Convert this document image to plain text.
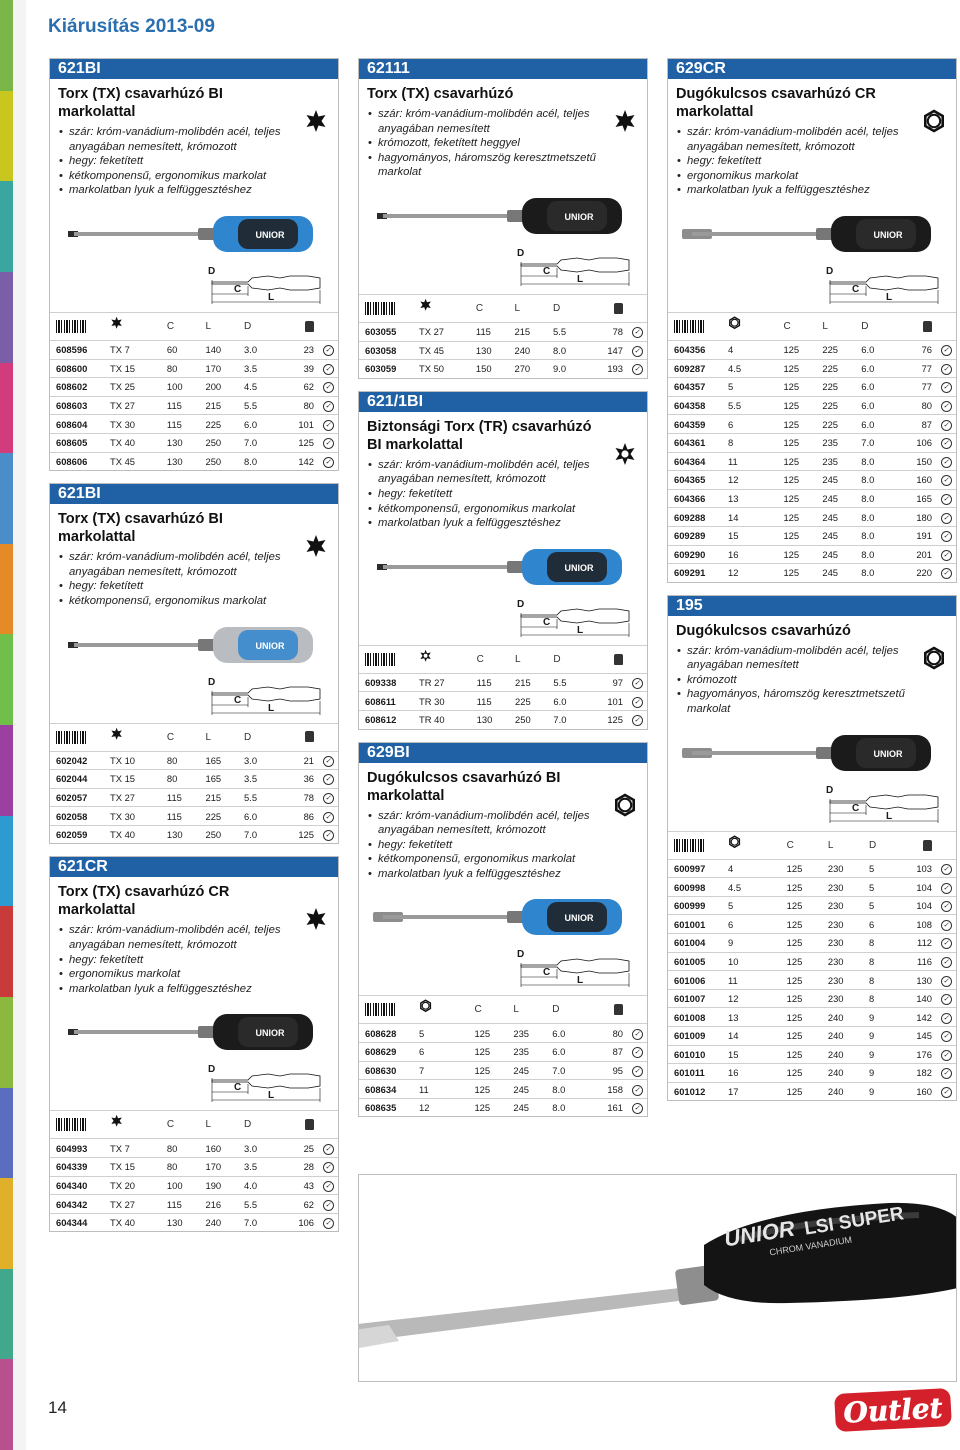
Kiárusítás 2013-09
621BI
Torx (TX) csavarhúzó BI markolattal
• szár: króm-vanádium-molibdén acél, teljes anyagában nemesített, krómozott
• hegy: feketített
• kétkomponensű, ergonomikus markolat
• markolatban lyuk a felfüggesztéshez
UNIOR
D
C
L
		C	L	D		
608596	TX 7	60	140	3.0	23	✓
608600	TX 15	80	170	3.5	39	✓
608602	TX 25	100	200	4.5	62	✓
608603	TX 27	115	215	5.5	80	✓
608604	TX 30	115	225	6.0	101	✓
608605	TX 40	130	250	7.0	125	✓
608606	TX 45	130	250	8.0	142	✓
621BI
Torx (TX) csavarhúzó BI markolattal
• szár: króm-vanádium-molibdén acél, teljes anyagában nemesített, krómozott
• hegy: feketített
• kétkomponensű, ergonomikus markolat
UNIOR
D
C
L
		C	L	D		
602042	TX 10	80	165	3.0	21	✓
602044	TX 15	80	165	3.5	36	✓
602057	TX 27	115	215	5.5	78	✓
602058	TX 30	115	225	6.0	86	✓
602059	TX 40	130	250	7.0	125	✓
621CR
Torx (TX) csavarhúzó CR markolattal
• szár: króm-vanádium-molibdén acél, teljes anyagában nemesített, krómozott
• hegy: feketített
• ergonomikus markolat
• markolatban lyuk a felfüggesztéshez
UNIOR
D
C
L
		C	L	D		
604993	TX 7	80	160	3.0	25	✓
604339	TX 15	80	170	3.5	28	✓
604340	TX 20	100	190	4.0	43	✓
604342	TX 27	115	216	5.5	62	✓
604344	TX 40	130	240	7.0	106	✓
62111
Torx (TX) csavarhúzó
• szár: króm-vanádium-molibdén acél, teljes anyagában nemesített
• krómozott, feketített heggyel
• hagyományos, háromszög keresztmetszetű markolat
UNIOR
D
C
L
		C	L	D		
603055	TX 27	115	215	5.5	78	✓
603058	TX 45	130	240	8.0	147	✓
603059	TX 50	150	270	9.0	193	✓
621/1BI
Biztonsági Torx (TR) csavarhúzó BI markolattal
• szár: króm-vanádium-molibdén acél, teljes anyagában nemesített, krómozott
• hegy: feketített
• kétkomponensű, ergonomikus markolat
• markolatban lyuk a felfüggesztéshez
UNIOR
D
C
L
		C	L	D		
609338	TR 27	115	215	5.5	97	✓
608611	TR 30	115	225	6.0	101	✓
608612	TR 40	130	250	7.0	125	✓
629BI
Dugókulcsos csavarhúzó BI markolattal
• szár: króm-vanádium-molibdén acél, teljes anyagában nemesített, krómozott
• hegy: feketített
• kétkomponensű, ergonomikus markolat
• markolatban lyuk a felfüggesztéshez
UNIOR
D
C
L
		C	L	D		
608628	5	125	235	6.0	80	✓
608629	6	125	235	6.0	87	✓
608630	7	125	245	7.0	95	✓
608634	11	125	245	8.0	158	✓
608635	12	125	245	8.0	161	✓
629CR
Dugókulcsos csavarhúzó CR markolattal
• szár: króm-vanádium-molibdén acél, teljes anyagában nemesített, krómozott
• hegy: feketített
• ergonomikus markolat
• markolatban lyuk a felfüggesztéshez
UNIOR
D
C
L
		C	L	D		
604356	4	125	225	6.0	76	✓
609287	4.5	125	225	6.0	77	✓
604357	5	125	225	6.0	77	✓
604358	5.5	125	225	6.0	80	✓
604359	6	125	225	6.0	87	✓
604361	8	125	235	7.0	106	✓
604364	11	125	235	8.0	150	✓
604365	12	125	245	8.0	160	✓
604366	13	125	245	8.0	165	✓
609288	14	125	245	8.0	180	✓
609289	15	125	245	8.0	191	✓
609290	16	125	245	8.0	201	✓
609291	12	125	245	8.0	220	✓
195
Dugókulcsos csavarhúzó
• szár: króm-vanádium-molibdén acél, teljes anyagában nemesített
• krómozott
• hagyományos, háromszög keresztmetszetű markolat
UNIOR
D
C
L
		C	L	D		
600997	4	125	230	5	103	✓
600998	4.5	125	230	5	104	✓
600999	5	125	230	5	104	✓
601001	6	125	230	6	108	✓
601004	9	125	230	8	112	✓
601005	10	125	230	8	116	✓
601006	11	125	230	8	130	✓
601007	12	125	230	8	140	✓
601008	13	125	240	9	142	✓
601009	14	125	240	9	145	✓
601010	15	125	240	9	176	✓
601011	16	125	240	9	182	✓
601012	17	125	240	9	160	✓
14	Outlet
UNIOR LSI SUPER
CHROM VANADIUM
